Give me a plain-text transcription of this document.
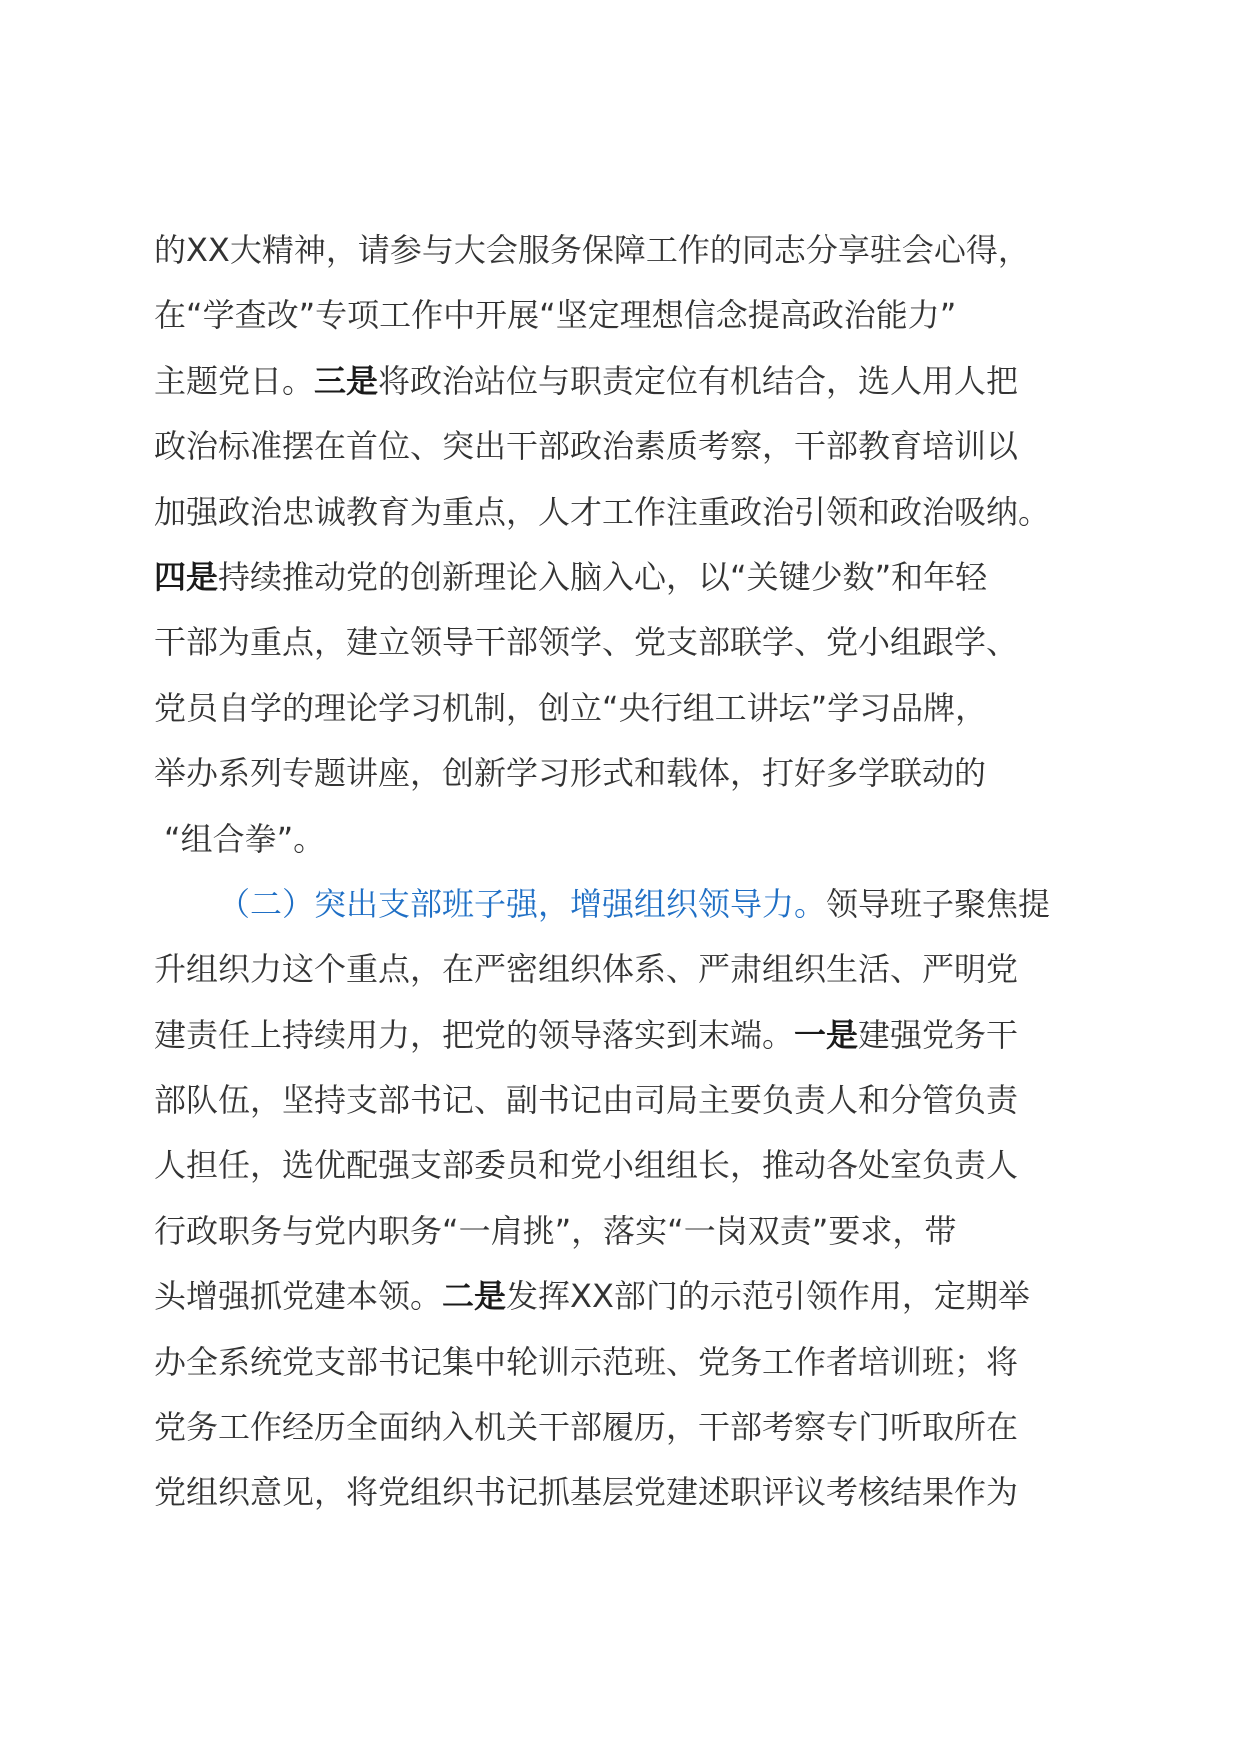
的XX大精神，请参与大会服务保障工作的同志分享驻会心得，
在“学查改”专项工作中开展“坚定理想信念提高政治能力”
主题党日。三是将政治站位与职责定位有机结合，选人用人把
政治标准摆在首位、突出干部政治素质考察，干部教育培训以
加强政治忠诚教育为重点，人才工作注重政治引领和政治吸纳。
四是持续推动党的创新理论入脑入心，以“关键少数”和年轻
干部为重点，建立领导干部领学、党支部联学、党小组跟学、
党员自学的理论学习机制，创立“央行组工讲坛”学习品牌，
举办系列专题讲座，创新学习形式和载体，打好多学联动的
“组合拳”。
（二）突出支部班子强，增强组织领导力。领导班子聚焦提
升组织力这个重点，在严密组织体系、严肃组织生活、严明党
建责任上持续用力，把党的领导落实到末端。一是建强党务干
部队伍，坚持支部书记、副书记由司局主要负责人和分管负责
人担任，选优配强支部委员和党小组组长，推动各处室负责人
行政职务与党内职务“一肩挑”，落实“一岗双责”要求，带
头增强抓党建本领。二是发挥XX部门的示范引领作用，定期举
办全系统党支部书记集中轮训示范班、党务工作者培训班；将
党务工作经历全面纳入机关干部履历，干部考察专门听取所在
党组织意见，将党组织书记抓基层党建述职评议考核结果作为
